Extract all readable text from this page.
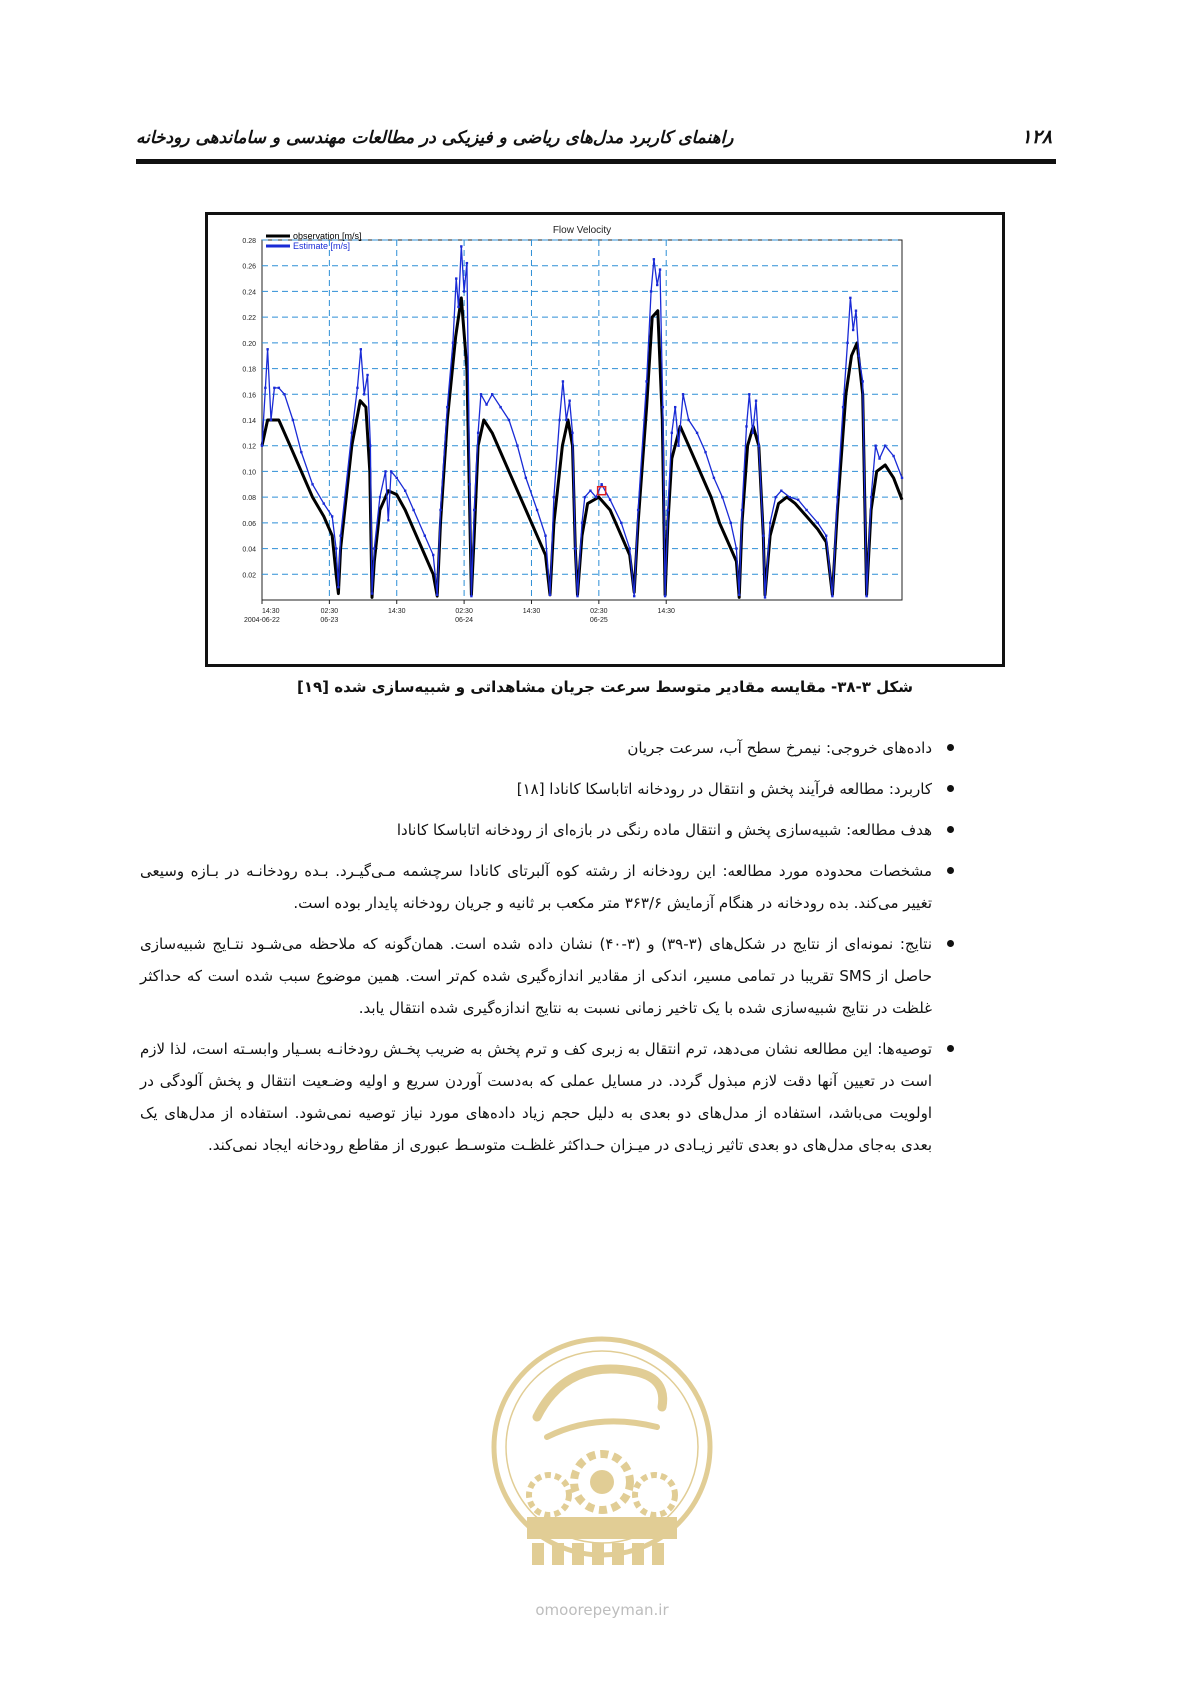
راهنمای کاربرد مدل‌های ریاضی و فیزیکی در مطالعات مهندسی و ساماندهی رودخانه	۱۲۸
0.28
0.26
0.24
0.22
0.20
0.18
0.16
0.14
0.12
0.10
0.08
0.06
0.04
0.02
14:30
2004-06-22
02:30
06-23
14:30	02:30
06-24
14:30	02:30
06-25
14:30
Flow Velocity
observation [m/s]
Estimate [m/s]
شکل ۳-۳۸- مقایسه مقادیر متوسط سرعت جریان مشاهداتی و شبیه‌سازی شده [۱۹]
داده‌های خروجی: نیمرخ سطح آب، سرعت جریان
کاربرد: مطالعه فرآیند پخش و انتقال در رودخانه اتاباسکا کانادا [۱۸]
هدف مطالعه: شبیه‌سازی پخش و انتقال ماده رنگی در بازه‌ای از رودخانه اتاباسکا کانادا
مشخصات محدوده مورد مطالعه: این رودخانه از رشته کوه آلبرتای کانادا سرچشمه مـی‌گیـرد. بـده رودخانـه در بـازه وسیعی تغییر می‌کند. بده رودخانه در هنگام آزمایش ۳۶۳/۶ متر مکعب بر ثانیه و جریان رودخانه پایدار بوده است.
نتایج: نمونه‌ای از نتایج در شکل‌های (۳-۳۹) و (۳-۴۰) نشان داده شده است. همان‌گونه که ملاحظه می‌شـود نتـایج شبیه‌سازی حاصل از SMS تقریبا در تمامی مسیر، اندکی از مقادیر اندازه‌گیری شده کم‌تر است. همین موضوع سبب شده است که حداکثر غلظت در نتایج شبیه‌سازی شده با یک تاخیر زمانی نسبت به نتایج اندازه‌گیری شده انتقال یابد.
توصیه‌ها: این مطالعه نشان می‌دهد، ترم انتقال به زبری کف و ترم پخش به ضریب پخـش رودخانـه بسـیار وابسـته است، لذا لازم است در تعیین آنها دقت لازم مبذول گردد. در مسایل عملی که به‌دست آوردن سریع و اولیه وضـعیت انتقال و پخش آلودگی در اولویت می‌باشد، استفاده از مدل‌های دو بعدی به دلیل حجم زیاد داده‌های مورد نیاز توصیه نمی‌شود. استفاده از مدل‌های یک بعدی به‌جای مدل‌های دو بعدی تاثیر زیـادی در میـزان حـداکثر غلظـت متوسـط عبوری از مقاطع رودخانه ایجاد نمی‌کند.
omoorepeyman.ir
